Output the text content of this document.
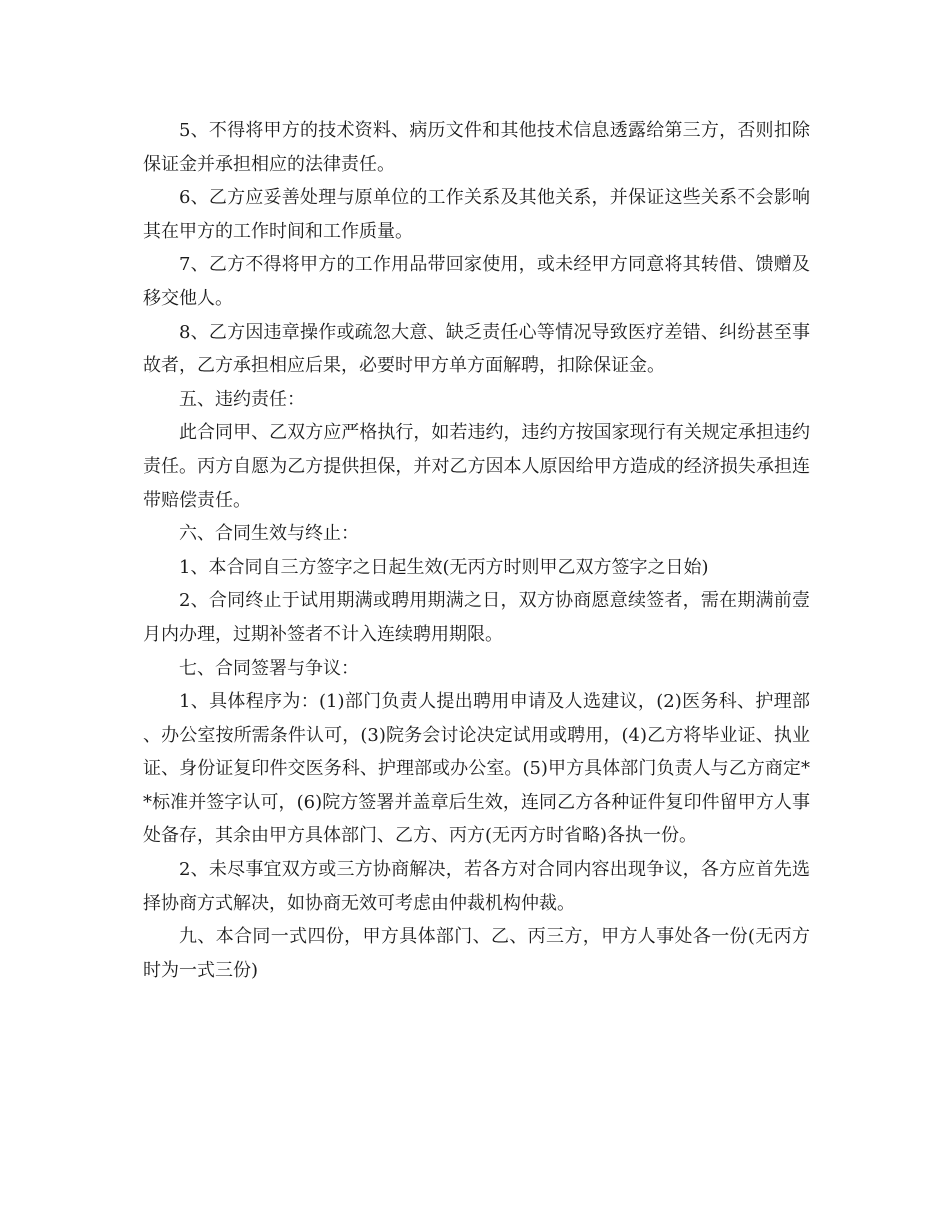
5、不得将甲方的技术资料、病历文件和其他技术信息透露给第三方，否则扣除保证金并承担相应的法律责任。

6、乙方应妥善处理与原单位的工作关系及其他关系，并保证这些关系不会影响其在甲方的工作时间和工作质量。

7、乙方不得将甲方的工作用品带回家使用，或未经甲方同意将其转借、馈赠及移交他人。

8、乙方因违章操作或疏忽大意、缺乏责任心等情况导致医疗差错、纠纷甚至事故者，乙方承担相应后果，必要时甲方单方面解聘，扣除保证金。

五、违约责任：

此合同甲、乙双方应严格执行，如若违约，违约方按国家现行有关规定承担违约责任。丙方自愿为乙方提供担保，并对乙方因本人原因给甲方造成的经济损失承担连带赔偿责任。

六、合同生效与终止：

1、本合同自三方签字之日起生效(无丙方时则甲乙双方签字之日始)

2、合同终止于试用期满或聘用期满之日，双方协商愿意续签者，需在期满前壹月内办理，过期补签者不计入连续聘用期限。

七、合同签署与争议：

1、具体程序为：(1)部门负责人提出聘用申请及人选建议，(2)医务科、护理部、办公室按所需条件认可，(3)院务会讨论决定试用或聘用，(4)乙方将毕业证、执业证、身份证复印件交医务科、护理部或办公室。(5)甲方具体部门负责人与乙方商定**标准并签字认可，(6)院方签署并盖章后生效，连同乙方各种证件复印件留甲方人事处备存，其余由甲方具体部门、乙方、丙方(无丙方时省略)各执一份。

2、未尽事宜双方或三方协商解决，若各方对合同内容出现争议，各方应首先选择协商方式解决，如协商无效可考虑由仲裁机构仲裁。

九、本合同一式四份，甲方具体部门、乙、丙三方，甲方人事处各一份(无丙方时为一式三份)
